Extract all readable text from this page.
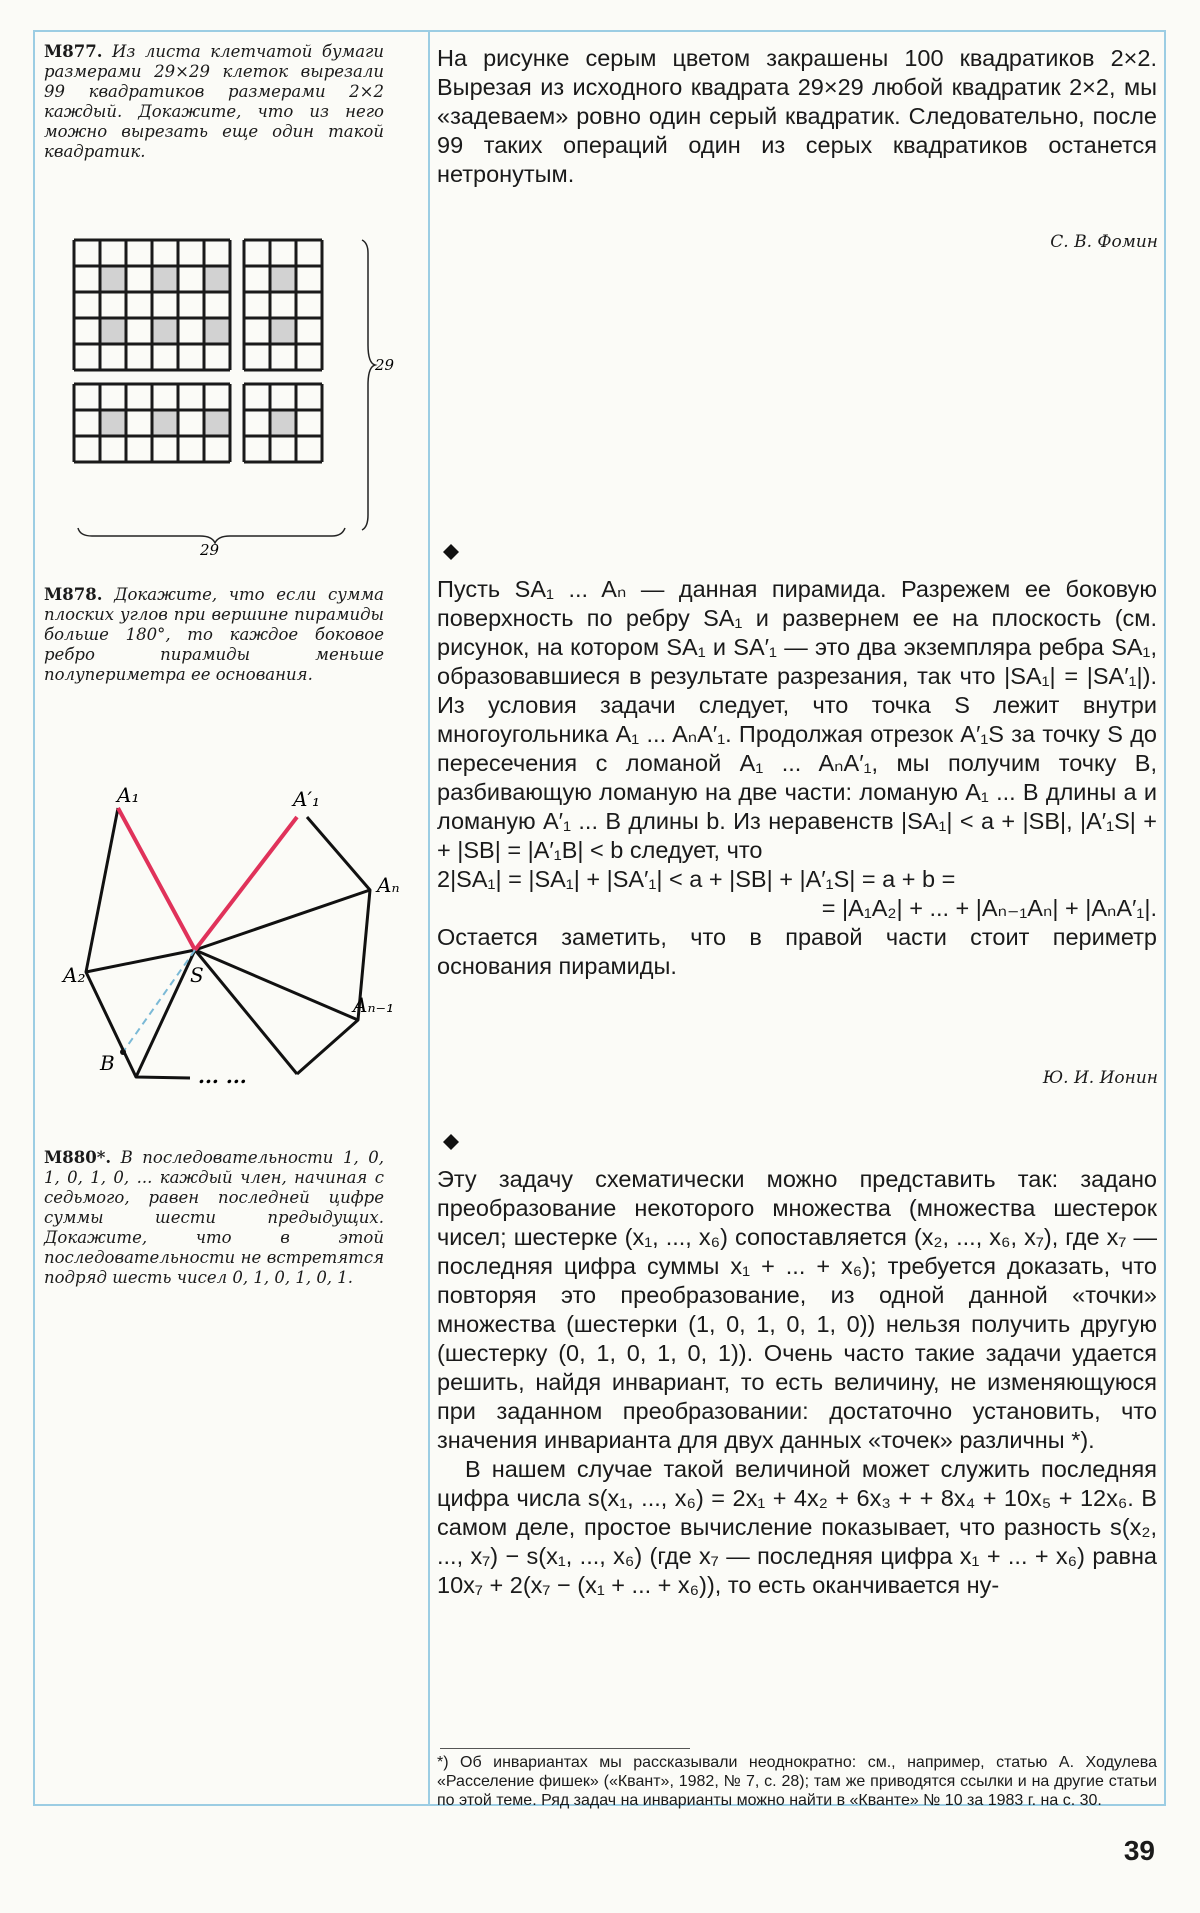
M877. Из листа клетчатой бумаги размерами 29×29 клеток вырезали 99 квадратиков размерами 2×2 каждый. Докажите, что из него можно вырезать еще один такой квадратик.
29
29

На рисунке серым цветом закрашены 100 квадратиков 2×2. Вырезая из исходного квадрата 29×29 любой квадратик 2×2, мы «задеваем» ровно один серый квадратик. Следовательно, после 99 таких операций один из серых квадратиков останется нетронутым.

С. В. Фомин
M878. Докажите, что если сумма плоских углов при вершине пирамиды больше 180°, то каждое боковое ребро пирамиды меньше полупериметра ее основания.
A₁	A′₁
Aₙ
A₂	S
Aₙ₋₁
B
... ...

Пусть SA₁ ... Aₙ — данная пирамида. Разрежем ее боковую поверхность по ребру SA₁ и развернем ее на плоскость (см. рисунок, на котором SA₁ и SA′₁ — это два экземпляра ребра SA₁, образовавшиеся в результате разрезания, так что |SA₁| = |SA′₁|). Из условия задачи следует, что точка S лежит внутри многоугольника A₁ ... AₙA′₁. Продолжая отрезок A′₁S за точку S до пересечения с ломаной A₁ ... AₙA′₁, мы получим точку B, разбивающую ломаную на две части: ломаную A₁ ... B длины a и ломаную A′₁ ... B длины b. Из неравенств |SA₁| < a + |SB|, |A′₁S| + + |SB| = |A′₁B| < b следует, что

2|SA₁| = |SA₁| + |SA′₁| < a + |SB| + |A′₁S| = a + b =

= |A₁A₂| + ... + |Aₙ₋₁Aₙ| + |AₙA′₁|.

Остается заметить, что в правой части стоит периметр основания пирамиды.

Ю. И. Ионин
M880*. В последовательности 1, 0, 1, 0, 1, 0, ... каждый член, начиная с седьмого, равен последней цифре суммы шести предыдущих. Докажите, что в этой последовательности не встретятся подряд шесть чисел 0, 1, 0, 1, 0, 1.

Эту задачу схематически можно представить так: задано преобразование некоторого множества (множества шестерок чисел; шестерке (x₁, ..., x₆) сопоставляется (x₂, ..., x₆, x₇), где x₇ — последняя цифра суммы x₁ + ... + x₆); требуется доказать, что повторяя это преобразование, из одной данной «точки» множества (шестерки (1, 0, 1, 0, 1, 0)) нельзя получить другую (шестерку (0, 1, 0, 1, 0, 1)). Очень часто такие задачи удается решить, найдя инвариант, то есть величину, не изменяющуюся при заданном преобразовании: достаточно установить, что значения инварианта для двух данных «точек» различны *).

В нашем случае такой величиной может служить последняя цифра числа s(x₁, ..., x₆) = 2x₁ + 4x₂ + 6x₃ + + 8x₄ + 10x₅ + 12x₆. В самом деле, простое вычисление показывает, что разность s(x₂, ..., x₇) − s(x₁, ..., x₆) (где x₇ — последняя цифра x₁ + ... + x₆) равна 10x₇ + 2(x₇ − (x₁ + ... + x₆)), то есть оканчивается ну-

*) Об инвариантах мы рассказывали неоднократно: см., например, статью А. Ходулева «Расселение фишек» («Квант», 1982, № 7, с. 28); там же приводятся ссылки и на другие статьи по этой теме. Ряд задач на инварианты можно найти в «Кванте» № 10 за 1983 г. на с. 30.
39
